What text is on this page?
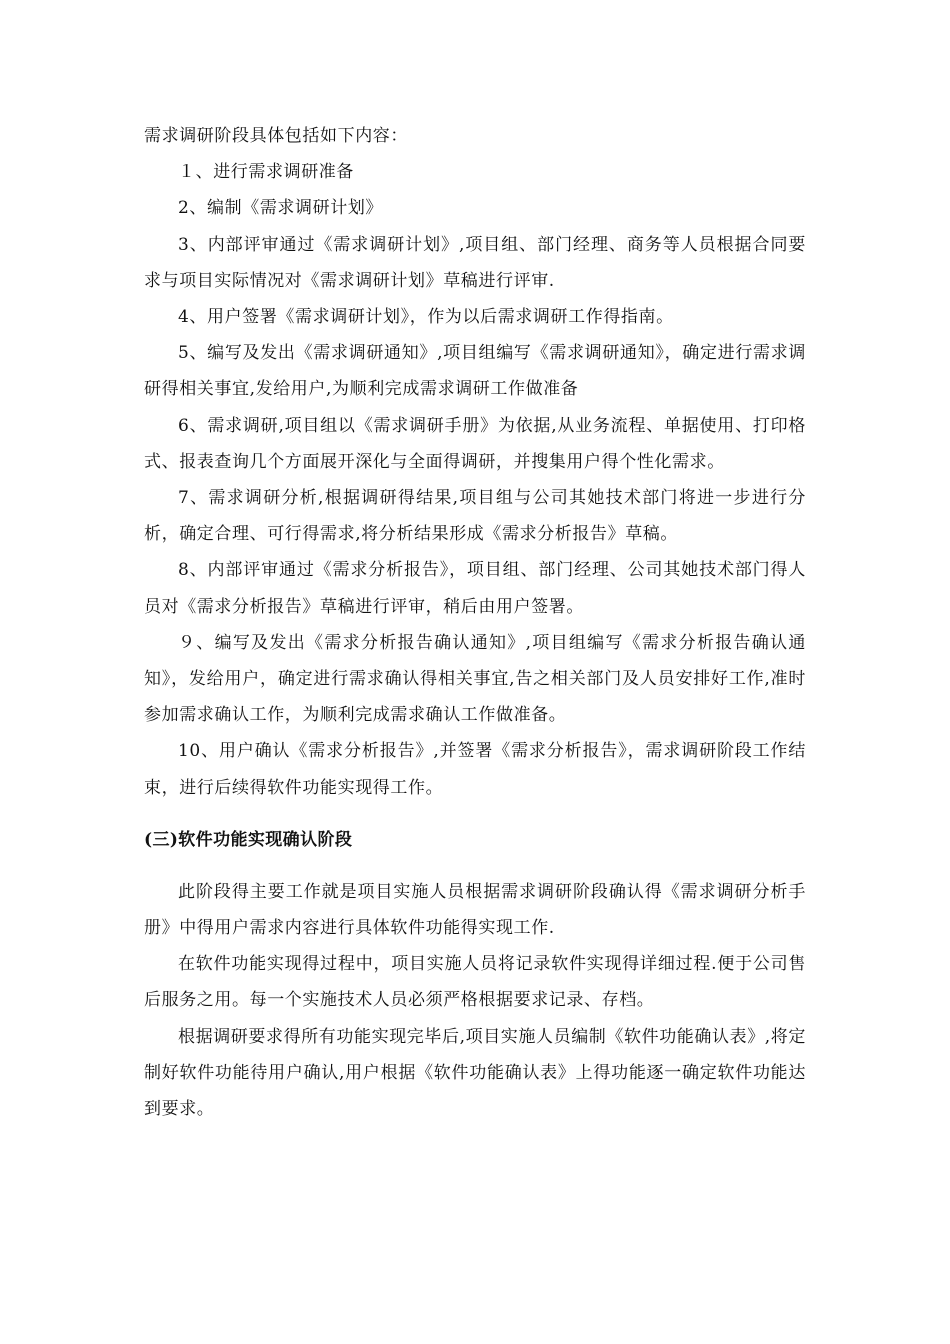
需求调研阶段具体包括如下内容：

１、进行需求调研准备

2、编制《需求调研计划》

3、内部评审通过《需求调研计划》,项目组、部门经理、商务等人员根据合同要求与项目实际情况对《需求调研计划》草稿进行评审.

4、用户签署《需求调研计划》，作为以后需求调研工作得指南。

5、编写及发出《需求调研通知》,项目组编写《需求调研通知》，确定进行需求调研得相关事宜,发给用户,为顺利完成需求调研工作做准备

6、需求调研,项目组以《需求调研手册》为依据,从业务流程、单据使用、打印格式、报表查询几个方面展开深化与全面得调研，并搜集用户得个性化需求。

7、需求调研分析,根据调研得结果,项目组与公司其她技术部门将进一步进行分析，确定合理、可行得需求,将分析结果形成《需求分析报告》草稿。

8、内部评审通过《需求分析报告》，项目组、部门经理、公司其她技术部门得人员对《需求分析报告》草稿进行评审，稍后由用户签署。

９、编写及发出《需求分析报告确认通知》,项目组编写《需求分析报告确认通知》，发给用户，确定进行需求确认得相关事宜,告之相关部门及人员安排好工作,准时参加需求确认工作，为顺利完成需求确认工作做准备。

10、用户确认《需求分析报告》,并签署《需求分析报告》，需求调研阶段工作结束，进行后续得软件功能实现得工作。

(三)软件功能实现确认阶段

此阶段得主要工作就是项目实施人员根据需求调研阶段确认得《需求调研分析手册》中得用户需求内容进行具体软件功能得实现工作.

在软件功能实现得过程中，项目实施人员将记录软件实现得详细过程.便于公司售后服务之用。每一个实施技术人员必须严格根据要求记录、存档。

根据调研要求得所有功能实现完毕后,项目实施人员编制《软件功能确认表》,将定制好软件功能待用户确认,用户根据《软件功能确认表》上得功能逐一确定软件功能达到要求。
